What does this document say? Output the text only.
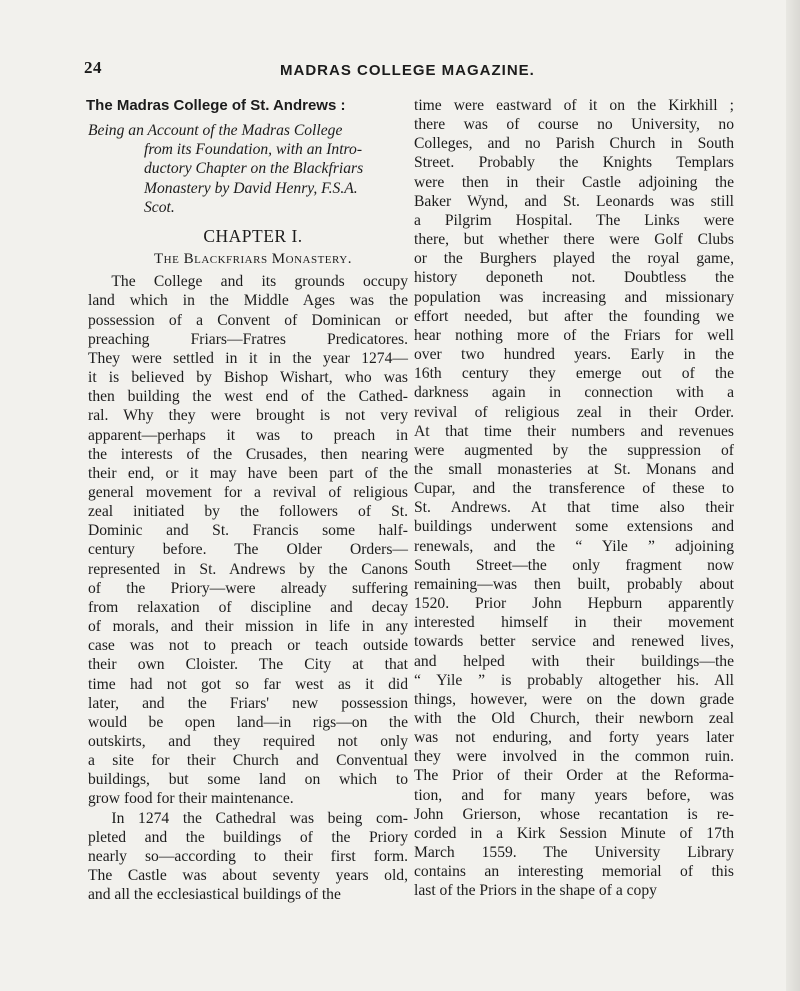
24	MADRAS COLLEGE MAGAZINE.
The Madras College of St. Andrews :
Being an Account of the Madras College
from its Foundation, with an Intro-
ductory Chapter on the Blackfriars
Monastery by David Henry, F.S.A.
Scot.
CHAPTER I.
The Blackfriars Monastery.
The College and its grounds occupy
land which in the Middle Ages was the
possession of a Convent of Dominican or
preaching Friars—Fratres Predicatores.
They were settled in it in the year 1274—
it is believed by Bishop Wishart, who was
then building the west end of the Cathed-
ral. Why they were brought is not very
apparent—perhaps it was to preach in
the interests of the Crusades, then nearing
their end, or it may have been part of the
general movement for a revival of religious
zeal initiated by the followers of St.
Dominic and St. Francis some half-
century before. The Older Orders—
represented in St. Andrews by the Canons
of the Priory—were already suffering
from relaxation of discipline and decay
of morals, and their mission in life in any
case was not to preach or teach outside
their own Cloister. The City at that
time had not got so far west as it did
later, and the Friars' new possession
would be open land—in rigs—on the
outskirts, and they required not only
a site for their Church and Conventual
buildings, but some land on which to
grow food for their maintenance.
In 1274 the Cathedral was being com-
pleted and the buildings of the Priory
nearly so—according to their first form.
The Castle was about seventy years old,
and all the ecclesiastical buildings of the
time were eastward of it on the Kirkhill ;
there was of course no University, no
Colleges, and no Parish Church in South
Street. Probably the Knights Templars
were then in their Castle adjoining the
Baker Wynd, and St. Leonards was still
a Pilgrim Hospital. The Links were
there, but whether there were Golf Clubs
or the Burghers played the royal game,
history deponeth not. Doubtless the
population was increasing and missionary
effort needed, but after the founding we
hear nothing more of the Friars for well
over two hundred years. Early in the
16th century they emerge out of the
darkness again in connection with a
revival of religious zeal in their Order.
At that time their numbers and revenues
were augmented by the suppression of
the small monasteries at St. Monans and
Cupar, and the transference of these to
St. Andrews. At that time also their
buildings underwent some extensions and
renewals, and the “ Yile ” adjoining
South Street—the only fragment now
remaining—was then built, probably about
1520. Prior John Hepburn apparently
interested himself in their movement
towards better service and renewed lives,
and helped with their buildings—the
“ Yile ” is probably altogether his. All
things, however, were on the down grade
with the Old Church, their newborn zeal
was not enduring, and forty years later
they were involved in the common ruin.
The Prior of their Order at the Reforma-
tion, and for many years before, was
John Grierson, whose recantation is re-
corded in a Kirk Session Minute of 17th
March 1559. The University Library
contains an interesting memorial of this
last of the Priors in the shape of a copy
